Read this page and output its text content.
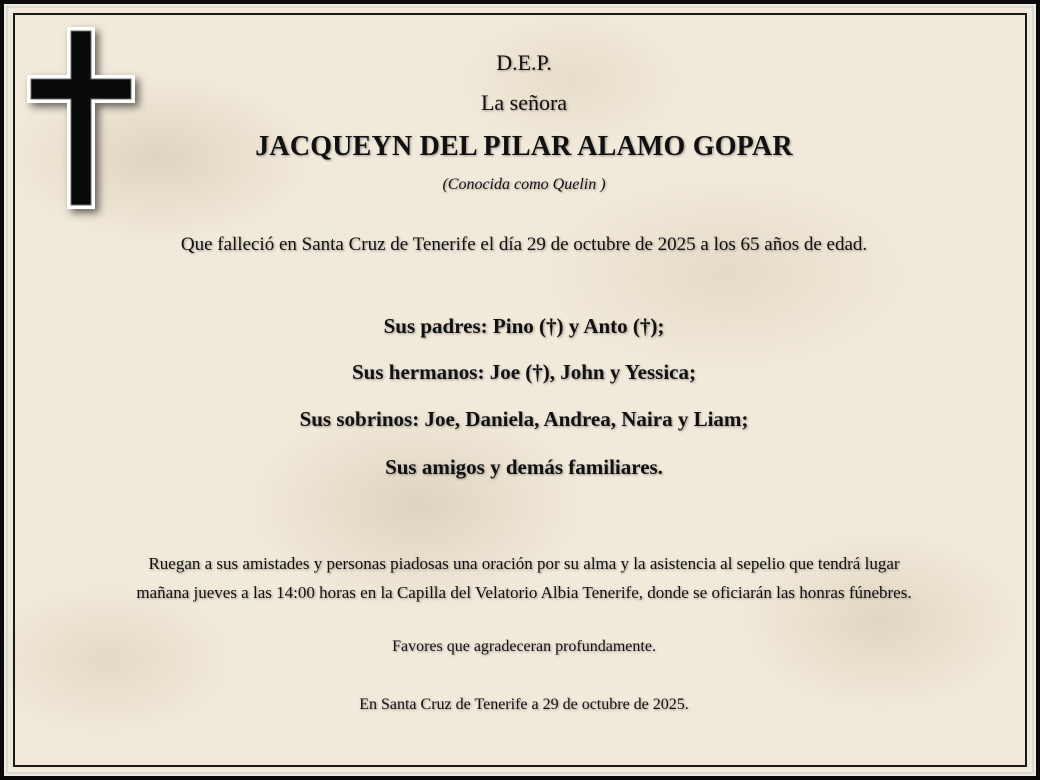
D.E.P.
La señora
JACQUEYN DEL PILAR ALAMO GOPAR
(Conocida como Quelin )
Que falleció en Santa Cruz de Tenerife el día 29 de octubre de 2025 a los 65 años de edad.
Sus padres: Pino (†) y Anto (†);
Sus hermanos: Joe (†), John y Yessica;
Sus sobrinos: Joe, Daniela, Andrea, Naira y Liam;
Sus amigos y demás familiares.
Ruegan a sus amistades y personas piadosas una oración por su alma y la asistencia al sepelio que tendrá lugar
mañana jueves a las 14:00 horas en la Capilla del Velatorio Albia Tenerife, donde se oficiarán las honras fúnebres.
Favores que agradeceran profundamente.
En Santa Cruz de Tenerife a 29 de octubre de 2025.
